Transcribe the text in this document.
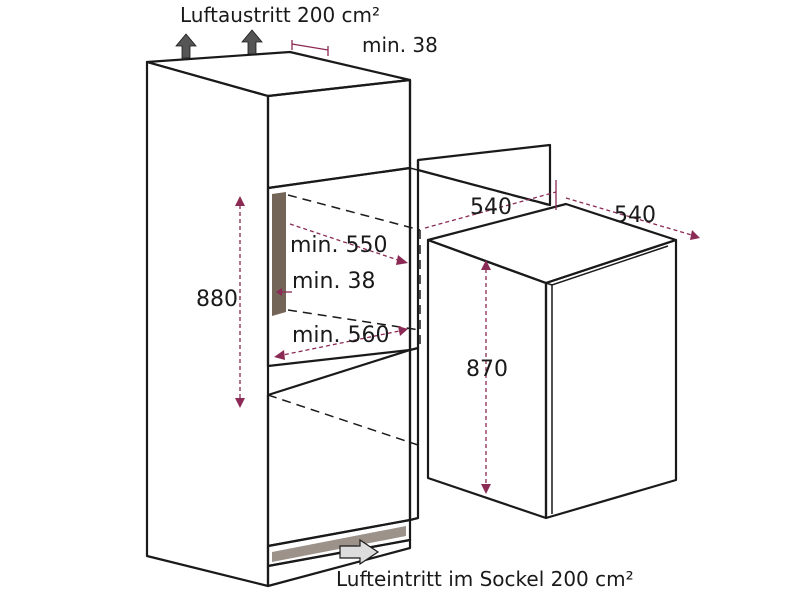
Luftaustritt 200 cm²
min. 38
540	540
min. 550
min. 38
880
min. 560
870
Lufteintritt im Sockel 200 cm²
